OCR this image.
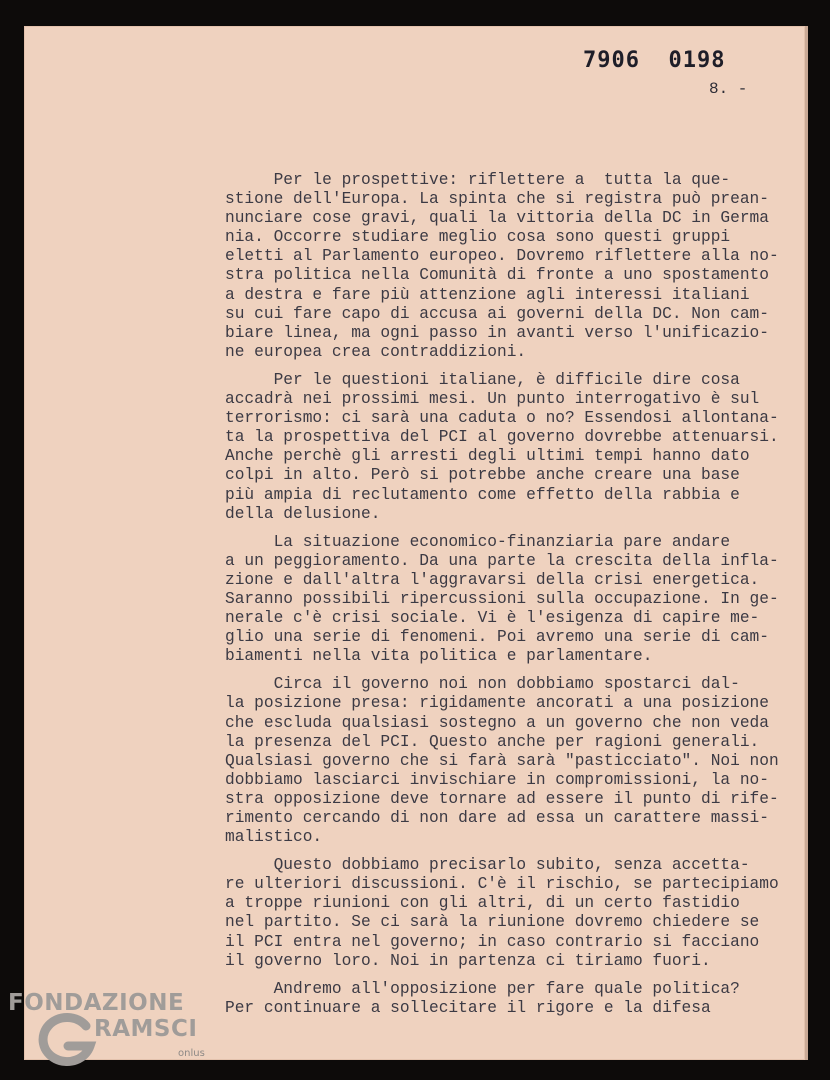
7906  0198
8. -
Per le prospettive: riflettere a  tutta la que-
stione dell'Europa. La spinta che si registra può prean-
nunciare cose gravi, quali la vittoria della DC in Germa
nia. Occorre studiare meglio cosa sono questi gruppi
eletti al Parlamento europeo. Dovremo riflettere alla no-
stra politica nella Comunità di fronte a uno spostamento
a destra e fare più attenzione agli interessi italiani
su cui fare capo di accusa ai governi della DC. Non cam-
biare linea, ma ogni passo in avanti verso l'unificazio-
ne europea crea contraddizioni.
Per le questioni italiane, è difficile dire cosa
accadrà nei prossimi mesi. Un punto interrogativo è sul
terrorismo: ci sarà una caduta o no? Essendosi allontana-
ta la prospettiva del PCI al governo dovrebbe attenuarsi.
Anche perchè gli arresti degli ultimi tempi hanno dato
colpi in alto. Però si potrebbe anche creare una base
più ampia di reclutamento come effetto della rabbia e
della delusione.
La situazione economico-finanziaria pare andare
a un peggioramento. Da una parte la crescita della infla-
zione e dall'altra l'aggravarsi della crisi energetica.
Saranno possibili ripercussioni sulla occupazione. In ge-
nerale c'è crisi sociale. Vi è l'esigenza di capire me-
glio una serie di fenomeni. Poi avremo una serie di cam-
biamenti nella vita politica e parlamentare.
Circa il governo noi non dobbiamo spostarci dal-
la posizione presa: rigidamente ancorati a una posizione
che escluda qualsiasi sostegno a un governo che non veda
la presenza del PCI. Questo anche per ragioni generali.
Qualsiasi governo che si farà sarà "pasticciato". Noi non
dobbiamo lasciarci invischiare in compromissioni, la no-
stra opposizione deve tornare ad essere il punto di rife-
rimento cercando di non dare ad essa un carattere massi-
malistico.
Questo dobbiamo precisarlo subito, senza accetta-
re ulteriori discussioni. C'è il rischio, se partecipiamo
a troppe riunioni con gli altri, di un certo fastidio
nel partito. Se ci sarà la riunione dovremo chiedere se
il PCI entra nel governo; in caso contrario si facciano
il governo loro. Noi in partenza ci tiriamo fuori.
Andremo all'opposizione per fare quale politica?
Per continuare a sollecitare il rigore e la difesa
FONDAZIONE
RAMSCI
onlus
